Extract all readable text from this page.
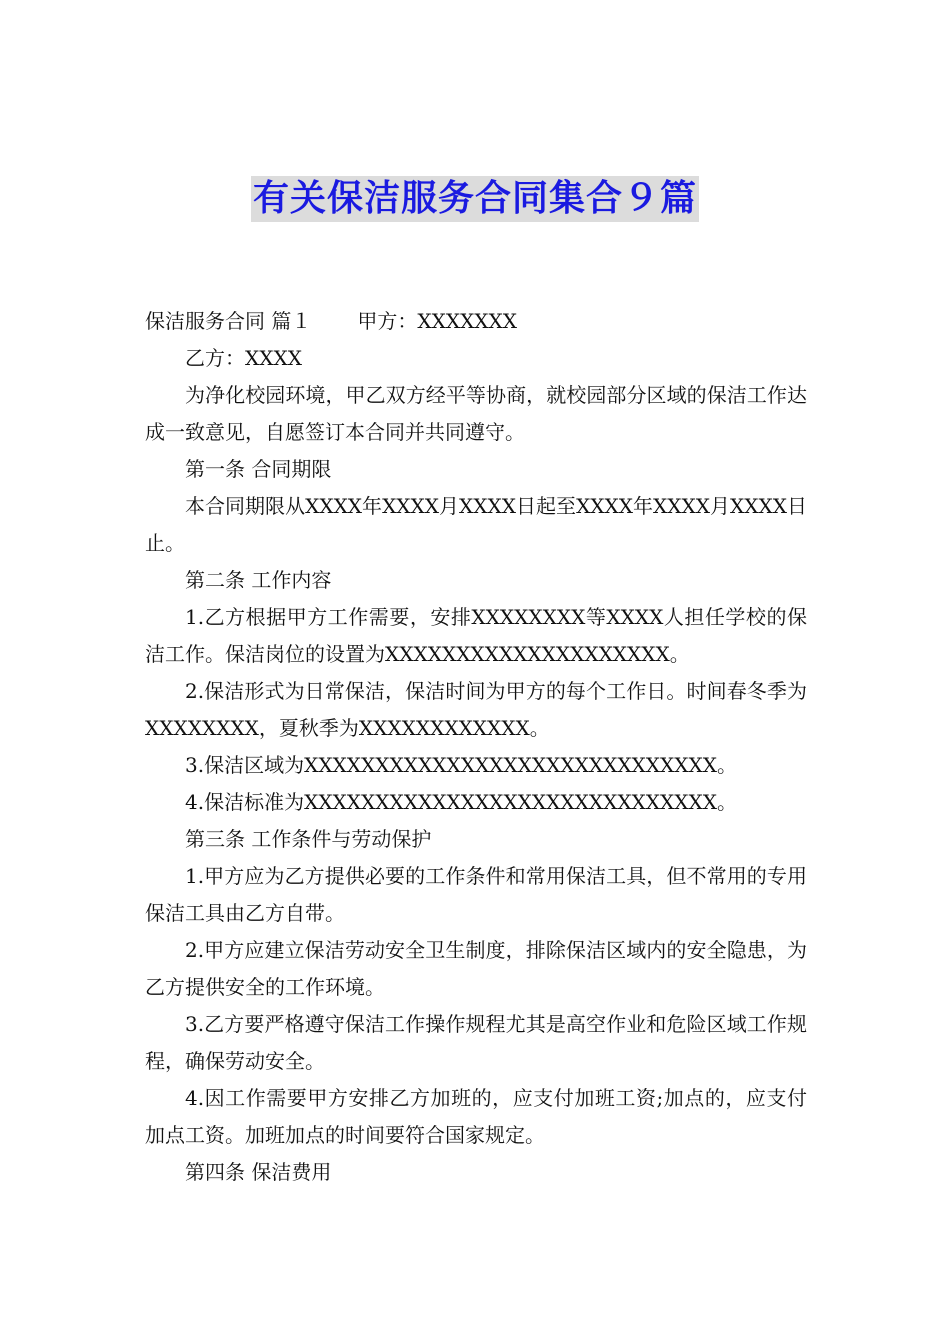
有关保洁服务合同集合９篇

保洁服务合同 篇１ 甲方：XXXXXXX

乙方：XXXX

为净化校园环境，甲乙双方经平等协商，就校园部分区域的保洁工作达成一致意见，自愿签订本合同并共同遵守。

第一条 合同期限

本合同期限从XXXX年XXXX月XXXX日起至XXXX年XXXX月XXXX日止。

第二条 工作内容

1.乙方根据甲方工作需要，安排XXXXXXXX等XXXX人担任学校的保洁工作。保洁岗位的设置为XXXXXXXXXXXXXXXXXXXX。

2.保洁形式为日常保洁，保洁时间为甲方的每个工作日。时间春冬季为XXXXXXXX，夏秋季为XXXXXXXXXXXX。

3.保洁区域为XXXXXXXXXXXXXXXXXXXXXXXXXXXXX。

4.保洁标准为XXXXXXXXXXXXXXXXXXXXXXXXXXXXX。

第三条 工作条件与劳动保护

1.甲方应为乙方提供必要的工作条件和常用保洁工具，但不常用的专用保洁工具由乙方自带。

2.甲方应建立保洁劳动安全卫生制度，排除保洁区域内的安全隐患，为乙方提供安全的工作环境。

3.乙方要严格遵守保洁工作操作规程尤其是高空作业和危险区域工作规程，确保劳动安全。

4.因工作需要甲方安排乙方加班的，应支付加班工资;加点的，应支付加点工资。加班加点的时间要符合国家规定。

第四条 保洁费用
